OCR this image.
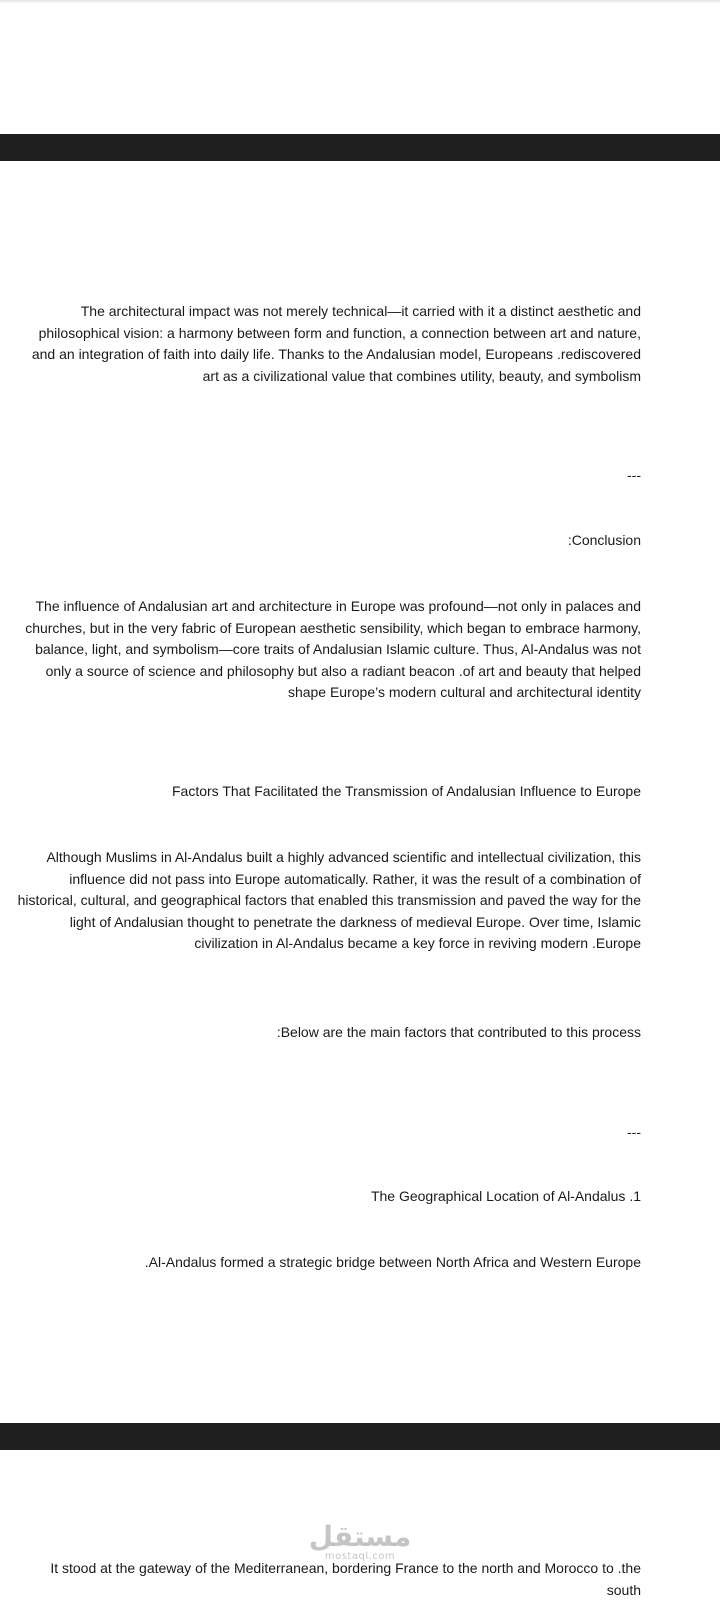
The architectural impact was not merely technical—it carried with it a distinct aesthetic and philosophical vision: a harmony between form and function, a connection between art and nature, and an integration of faith into daily life. Thanks to the Andalusian model, Europeans .rediscovered art as a civilizational value that combines utility, beauty, and symbolism

---

:Conclusion

The influence of Andalusian art and architecture in Europe was profound—not only in palaces and churches, but in the very fabric of European aesthetic sensibility, which began to embrace harmony, balance, light, and symbolism—core traits of Andalusian Islamic culture. Thus, Al-Andalus was not only a source of science and philosophy but also a radiant beacon .of art and beauty that helped shape Europe’s modern cultural and architectural identity

Factors That Facilitated the Transmission of Andalusian Influence to Europe

Although Muslims in Al-Andalus built a highly advanced scientific and intellectual civilization, this influence did not pass into Europe automatically. Rather, it was the result of a combination of historical, cultural, and geographical factors that enabled this transmission and paved the way for the light of Andalusian thought to penetrate the darkness of medieval Europe. Over time, Islamic civilization in Al-Andalus became a key force in reviving modern .Europe

:Below are the main factors that contributed to this process

---

The Geographical Location of Al-Andalus .1

.Al-Andalus formed a strategic bridge between North Africa and Western Europe

مستقل
mostaql.com

It stood at the gateway of the Mediterranean, bordering France to the north and Morocco to .the south
